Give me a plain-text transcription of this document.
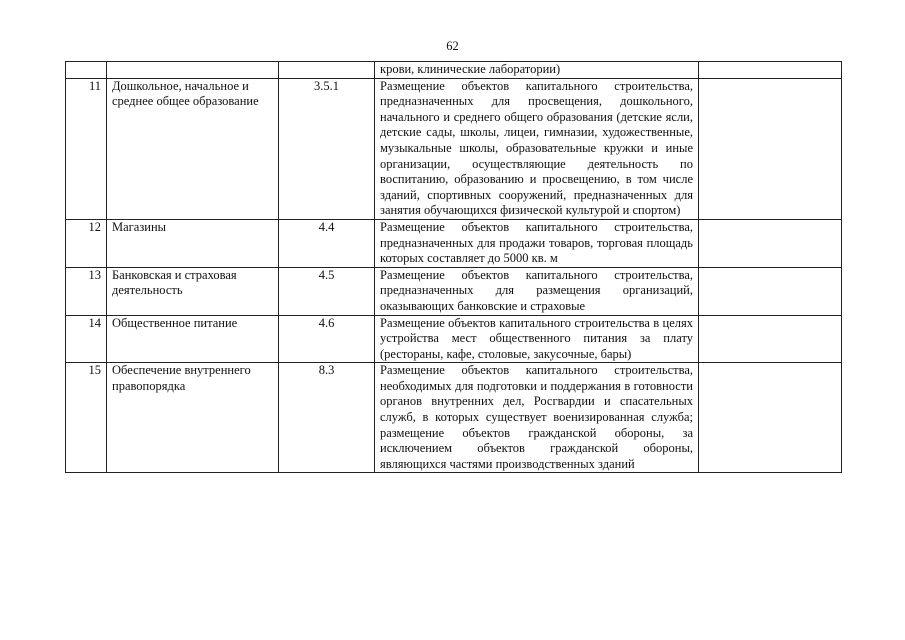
62
			крови, клинические лаборатории)	
11	Дошкольное, начальное и среднее общее образование	3.5.1	Размещение объектов капитального строительства, предназначенных для просвещения, дошкольного, начального и среднего общего образования (детские ясли, детские сады, школы, лицеи, гимназии, художественные, музыкальные школы, образовательные кружки и иные организации, осуществляющие деятельность по воспитанию, образованию и просвещению, в том числе зданий, спортивных сооружений, предназначенных для занятия обучающихся физической культурой и спортом)	
12	Магазины	4.4	Размещение объектов капитального строительства, предназначенных для продажи товаров, торговая площадь которых составляет до 5000 кв. м	
13	Банковская и страховая деятельность	4.5	Размещение объектов капитального строительства, предназначенных для размещения организаций, оказывающих банковские и страховые	
14	Общественное питание	4.6	Размещение объектов капитального строительства в целях устройства мест общественного питания за плату (рестораны, кафе, столовые, закусочные, бары)	
15	Обеспечение внутреннего правопорядка	8.3	Размещение объектов капитального строительства, необходимых для подготовки и поддержания в готовности органов внутренних дел, Росгвардии и спасательных служб, в которых существует военизированная служба; размещение объектов гражданской обороны, за исключением объектов гражданской обороны, являющихся частями производственных зданий	
